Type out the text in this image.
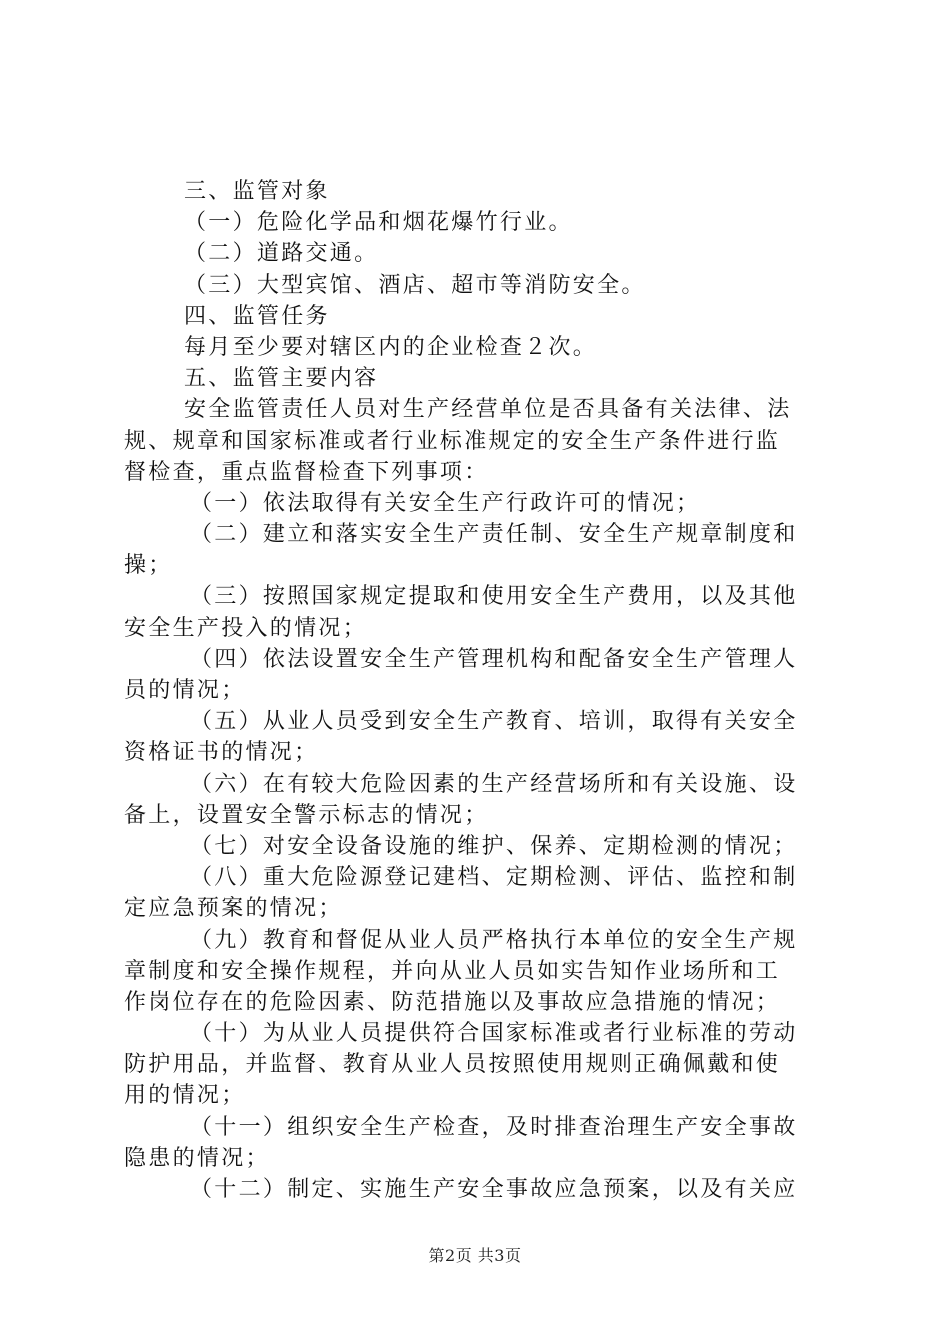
三、监管对象
（一）危险化学品和烟花爆竹行业。
（二）道路交通。
（三）大型宾馆、酒店、超市等消防安全。
四、监管任务
每月至少要对辖区内的企业检查２次。
五、监管主要内容
安全监管责任人员对生产经营单位是否具备有关法律、法
规、规章和国家标准或者行业标准规定的安全生产条件进行监
督检查，重点监督检查下列事项：
（一）依法取得有关安全生产行政许可的情况；
（二）建立和落实安全生产责任制、安全生产规章制度和
操；
（三）按照国家规定提取和使用安全生产费用，以及其他
安全生产投入的情况；
（四）依法设置安全生产管理机构和配备安全生产管理人
员的情况；
（五）从业人员受到安全生产教育、培训，取得有关安全
资格证书的情况；
（六）在有较大危险因素的生产经营场所和有关设施、设
备上，设置安全警示标志的情况；
（七）对安全设备设施的维护、保养、定期检测的情况；
（八）重大危险源登记建档、定期检测、评估、监控和制
定应急预案的情况；
（九）教育和督促从业人员严格执行本单位的安全生产规
章制度和安全操作规程，并向从业人员如实告知作业场所和工
作岗位存在的危险因素、防范措施以及事故应急措施的情况；
（十）为从业人员提供符合国家标准或者行业标准的劳动
防护用品，并监督、教育从业人员按照使用规则正确佩戴和使
用的情况；
（十一）组织安全生产检查，及时排查治理生产安全事故
隐患的情况；
（十二）制定、实施生产安全事故应急预案，以及有关应
第2页 共3页
